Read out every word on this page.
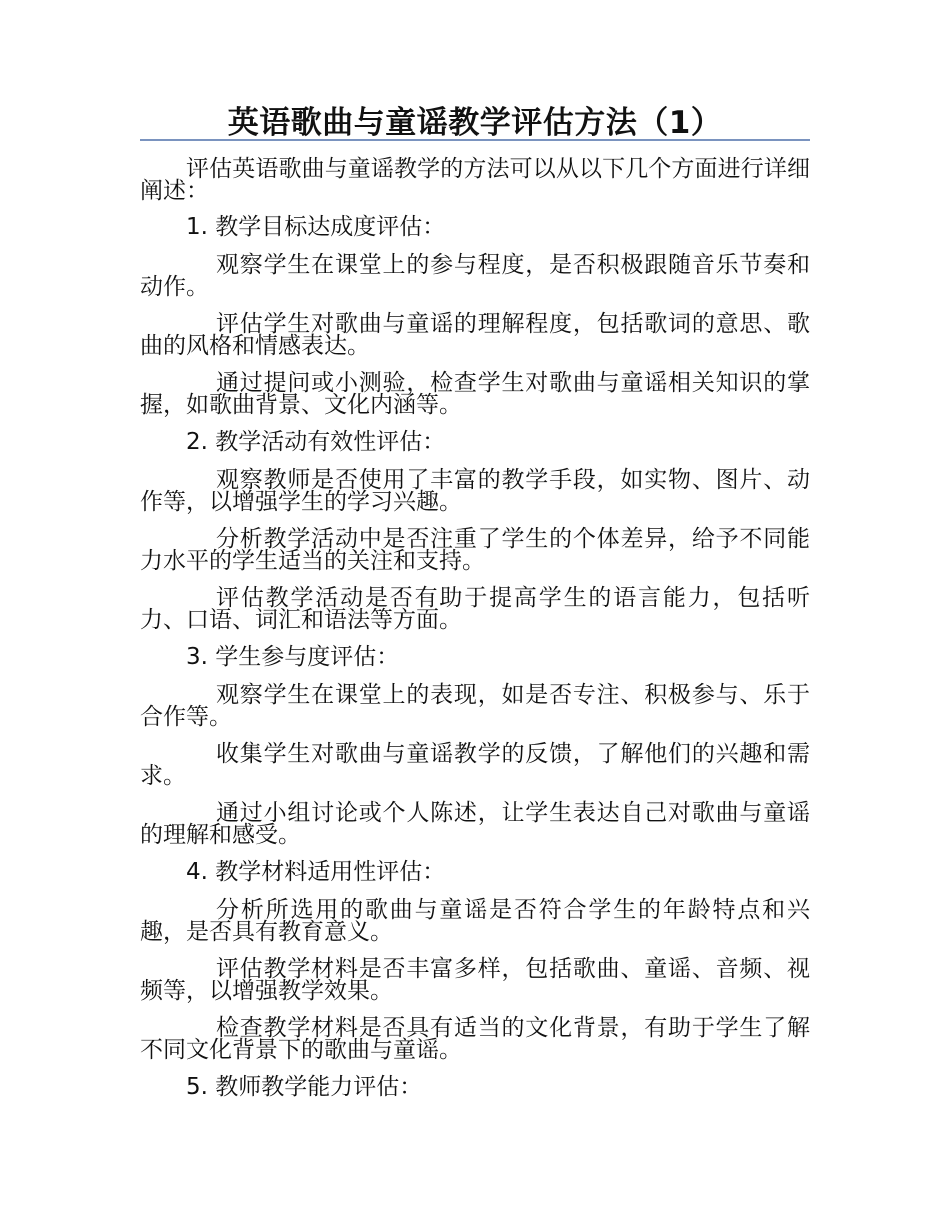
英语歌曲与童谣教学评估方法（1）

评估英语歌曲与童谣教学的方法可以从以下几个方面进行详细阐述：

1. 教学目标达成度评估：

观察学生在课堂上的参与程度，是否积极跟随音乐节奏和动作。

评估学生对歌曲与童谣的理解程度，包括歌词的意思、歌曲的风格和情感表达。

通过提问或小测验，检查学生对歌曲与童谣相关知识的掌握，如歌曲背景、文化内涵等。

2. 教学活动有效性评估：

观察教师是否使用了丰富的教学手段，如实物、图片、动作等，以增强学生的学习兴趣。

分析教学活动中是否注重了学生的个体差异，给予不同能力水平的学生适当的关注和支持。

评估教学活动是否有助于提高学生的语言能力，包括听力、口语、词汇和语法等方面。

3. 学生参与度评估：

观察学生在课堂上的表现，如是否专注、积极参与、乐于合作等。

收集学生对歌曲与童谣教学的反馈，了解他们的兴趣和需求。

通过小组讨论或个人陈述，让学生表达自己对歌曲与童谣的理解和感受。

4. 教学材料适用性评估：

分析所选用的歌曲与童谣是否符合学生的年龄特点和兴趣，是否具有教育意义。

评估教学材料是否丰富多样，包括歌曲、童谣、音频、视频等，以增强教学效果。

检查教学材料是否具有适当的文化背景，有助于学生了解不同文化背景下的歌曲与童谣。

5. 教师教学能力评估：
